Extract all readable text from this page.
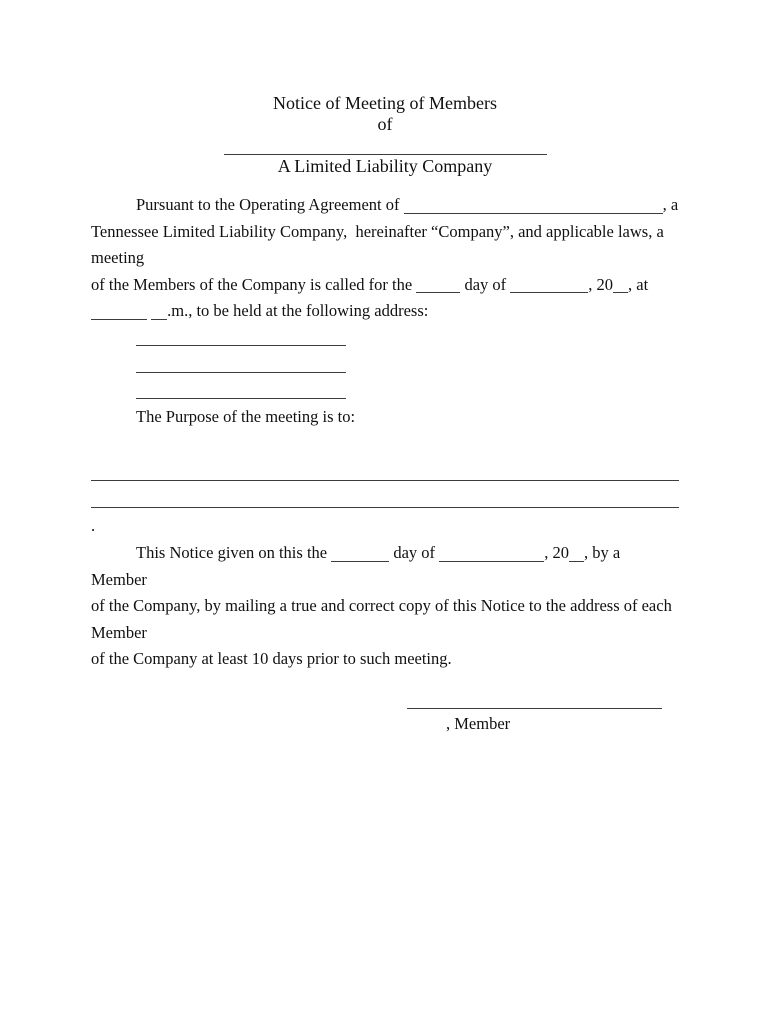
Notice of Meeting of Members
of
A Limited Liability Company
Pursuant to the Operating Agreement of	, a
Tennessee Limited Liability Company,  hereinafter “Company”, and applicable laws, a meeting
of the Members of the Company is called for the	day of	, 20 , at
.m., to be held at the following address:
The Purpose of the meeting is to:
.
This Notice given on this the	day of	, 20 , by a Member
of the Company, by mailing a true and correct copy of this Notice to the address of each Member
of the Company at least 10 days prior to such meeting.
, Member
